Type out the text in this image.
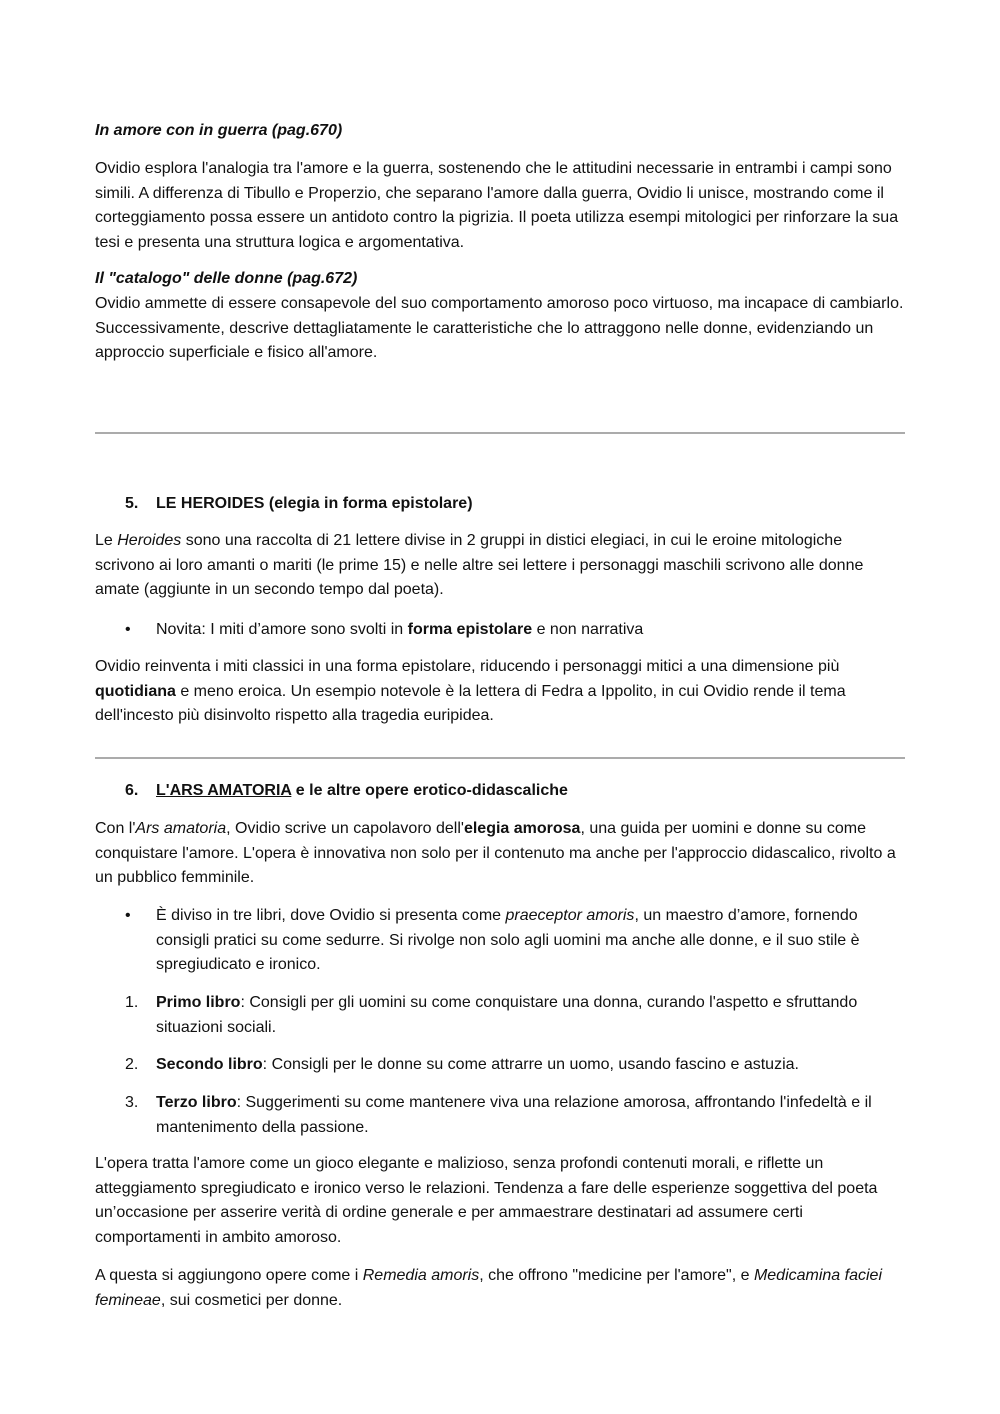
In amore con in guerra (pag.670)

Ovidio esplora l'analogia tra l'amore e la guerra, sostenendo che le attitudini necessarie in entrambi i campi sono simili. A differenza di Tibullo e Properzio, che separano l'amore dalla guerra, Ovidio li unisce, mostrando come il corteggiamento possa essere un antidoto contro la pigrizia. Il poeta utilizza esempi mitologici per rinforzare la sua tesi e presenta una struttura logica e argomentativa.

Il "catalogo" delle donne (pag.672)

Ovidio ammette di essere consapevole del suo comportamento amoroso poco virtuoso, ma incapace di cambiarlo. Successivamente, descrive dettagliatamente le caratteristiche che lo attraggono nelle donne, evidenziando un approccio superficiale e fisico all'amore.

5. LE HEROIDES (elegia in forma epistolare)

Le Heroides sono una raccolta di 21 lettere divise in 2 gruppi in distici elegiaci, in cui le eroine mitologiche scrivono ai loro amanti o mariti (le prime 15) e nelle altre sei lettere i personaggi maschili scrivono alle donne amate (aggiunte in un secondo tempo dal poeta).

• Novita: I miti d’amore sono svolti in forma epistolare e non narrativa

Ovidio reinventa i miti classici in una forma epistolare, riducendo i personaggi mitici a una dimensione più quotidiana e meno eroica. Un esempio notevole è la lettera di Fedra a Ippolito, in cui Ovidio rende il tema dell'incesto più disinvolto rispetto alla tragedia euripidea.

6. L'ARS AMATORIA e le altre opere erotico-didascaliche

Con l'Ars amatoria, Ovidio scrive un capolavoro dell'elegia amorosa, una guida per uomini e donne su come conquistare l'amore. L'opera è innovativa non solo per il contenuto ma anche per l'approccio didascalico, rivolto a un pubblico femminile.

• È diviso in tre libri, dove Ovidio si presenta come praeceptor amoris, un maestro d’amore, fornendo consigli pratici su come sedurre. Si rivolge non solo agli uomini ma anche alle donne, e il suo stile è spregiudicato e ironico.
1. Primo libro: Consigli per gli uomini su come conquistare una donna, curando l'aspetto e sfruttando situazioni sociali.
2. Secondo libro: Consigli per le donne su come attrarre un uomo, usando fascino e astuzia.
3. Terzo libro: Suggerimenti su come mantenere viva una relazione amorosa, affrontando l'infedeltà e il mantenimento della passione.

L'opera tratta l'amore come un gioco elegante e malizioso, senza profondi contenuti morali, e riflette un atteggiamento spregiudicato e ironico verso le relazioni. Tendenza a fare delle esperienze soggettiva del poeta un’occasione per asserire verità di ordine generale e per ammaestrare destinatari ad assumere certi comportamenti in ambito amoroso.

A questa si aggiungono opere come i Remedia amoris, che offrono "medicine per l'amore", e Medicamina faciei femineae, sui cosmetici per donne.
